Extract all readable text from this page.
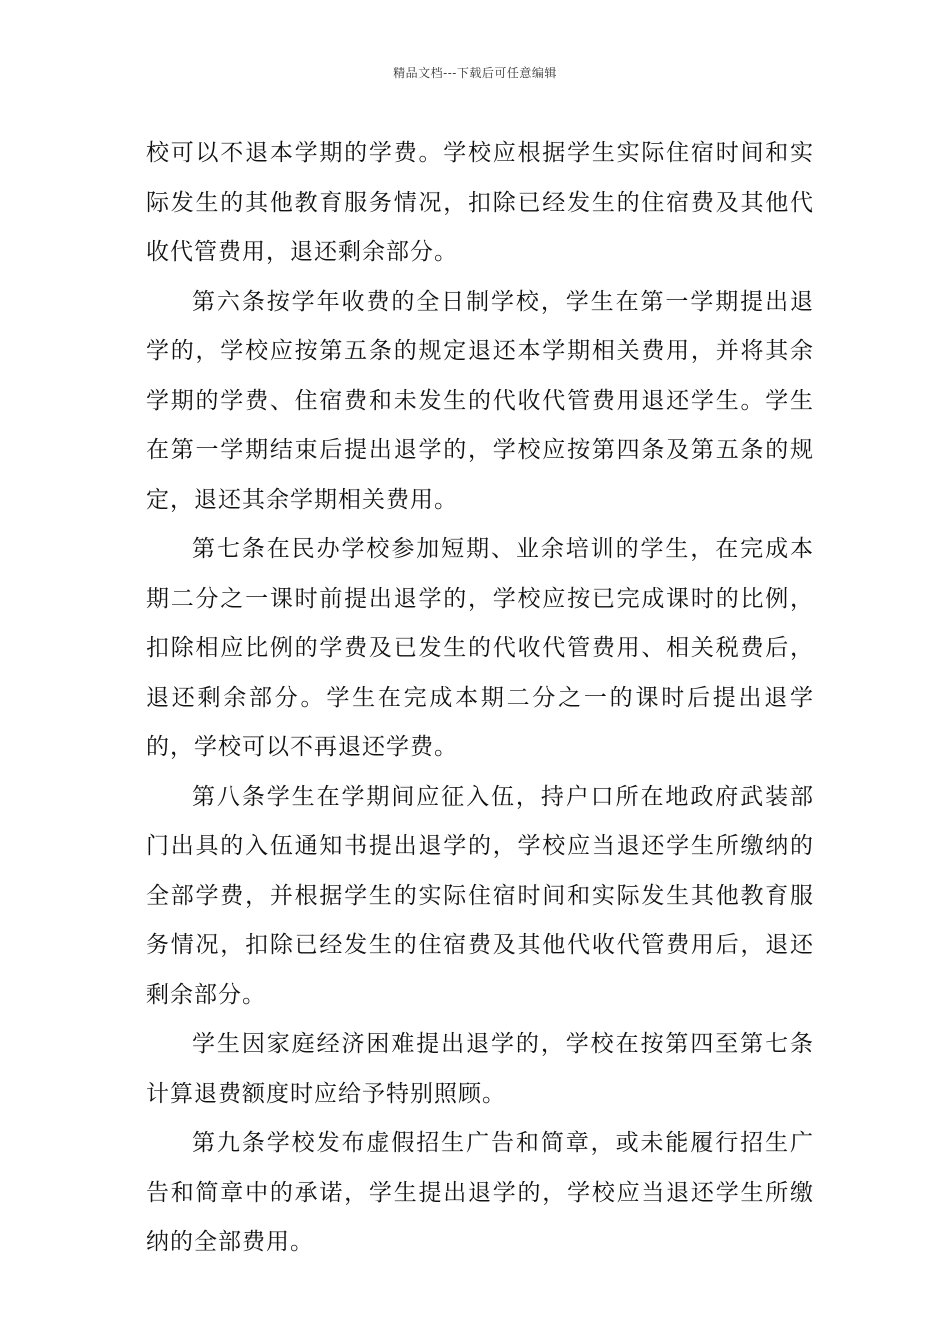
精品文档---下载后可任意编辑

校可以不退本学期的学费。学校应根据学生实际住宿时间和实际发生的其他教育服务情况，扣除已经发生的住宿费及其他代收代管费用，退还剩余部分。

第六条按学年收费的全日制学校，学生在第一学期提出退学的，学校应按第五条的规定退还本学期相关费用，并将其余学期的学费、住宿费和未发生的代收代管费用退还学生。学生在第一学期结束后提出退学的，学校应按第四条及第五条的规定，退还其余学期相关费用。

第七条在民办学校参加短期、业余培训的学生，在完成本期二分之一课时前提出退学的，学校应按已完成课时的比例，扣除相应比例的学费及已发生的代收代管费用、相关税费后，退还剩余部分。学生在完成本期二分之一的课时后提出退学的，学校可以不再退还学费。

第八条学生在学期间应征入伍，持户口所在地政府武装部门出具的入伍通知书提出退学的，学校应当退还学生所缴纳的全部学费，并根据学生的实际住宿时间和实际发生其他教育服务情况，扣除已经发生的住宿费及其他代收代管费用后，退还剩余部分。

学生因家庭经济困难提出退学的，学校在按第四至第七条计算退费额度时应给予特别照顾。

第九条学校发布虚假招生广告和简章，或未能履行招生广告和简章中的承诺，学生提出退学的，学校应当退还学生所缴纳的全部费用。
